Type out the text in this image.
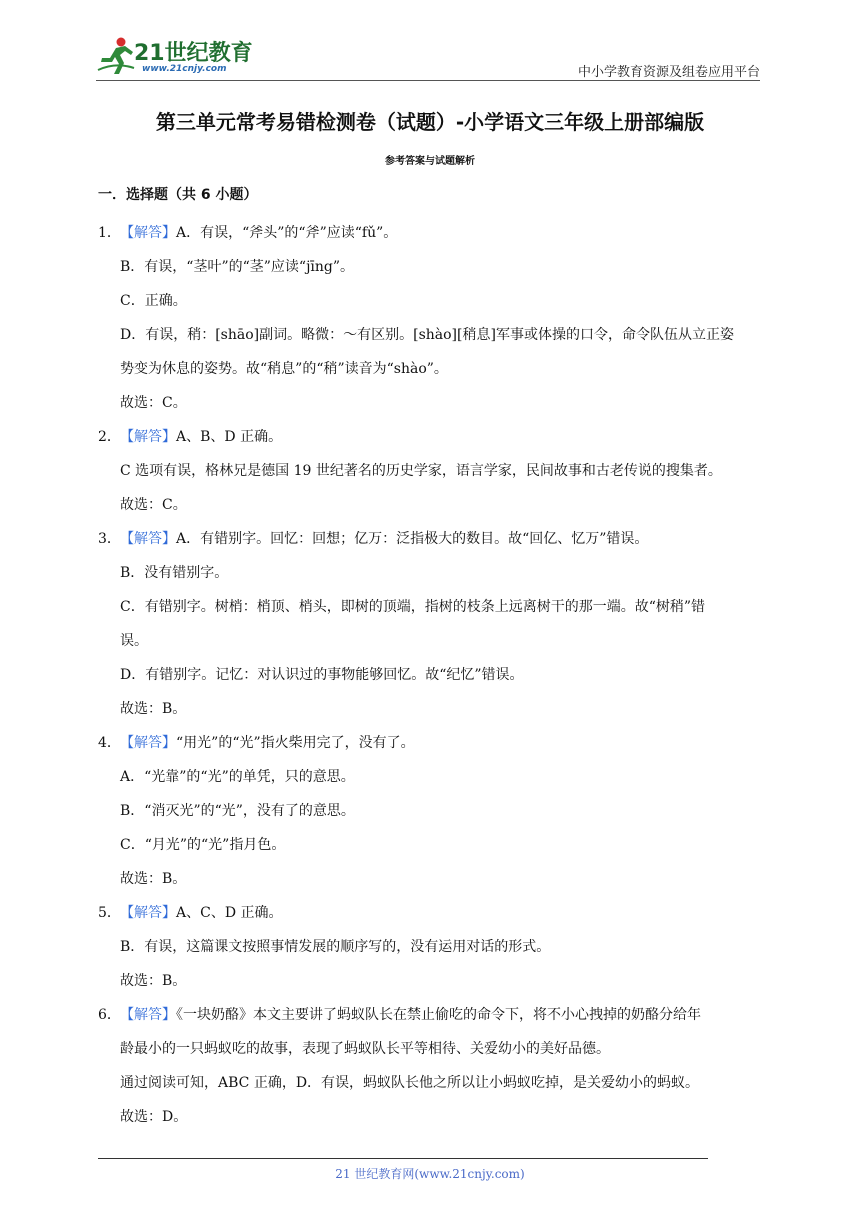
21世纪教育
www.21cnjy.com	中小学教育资源及组卷应用平台
第三单元常考易错检测卷（试题）-小学语文三年级上册部编版
参考答案与试题解析
一．选择题（共 6 小题）
1．【解答】A．有误，“斧头”的“斧”应读“fǔ”。
B．有误，“茎叶”的“茎”应读“jīng”。
C．正确。
D．有误，稍：[shāo]副词。略微：～有区别。[shào][稍息]军事或体操的口令，命令队伍从立正姿
势变为休息的姿势。故“稍息”的“稍”读音为“shào”。
故选：C。
2．【解答】A、B、D 正确。
C 选项有误，格林兄是德国 19 世纪著名的历史学家，语言学家，民间故事和古老传说的搜集者。
故选：C。
3．【解答】A．有错别字。回忆：回想；亿万：泛指极大的数目。故“回亿、忆万”错误。
B．没有错别字。
C．有错别字。树梢：梢顶、梢头，即树的顶端，指树的枝条上远离树干的那一端。故“树稍”错
误。
D．有错别字。记忆：对认识过的事物能够回忆。故“纪忆”错误。
故选：B。
4．【解答】“用光”的“光”指火柴用完了，没有了。
A．“光靠”的“光”的单凭，只的意思。
B．“消灭光”的“光”，没有了的意思。
C．“月光”的“光”指月色。
故选：B。
5．【解答】A、C、D 正确。
B．有误，这篇课文按照事情发展的顺序写的，没有运用对话的形式。
故选：B。
6．【解答】《一块奶酪》本文主要讲了蚂蚁队长在禁止偷吃的命令下，将不小心拽掉的奶酪分给年
龄最小的一只蚂蚁吃的故事，表现了蚂蚁队长平等相待、关爱幼小的美好品德。
通过阅读可知，ABC 正确，D．有误，蚂蚁队长他之所以让小蚂蚁吃掉，是关爱幼小的蚂蚁。
故选：D。
21 世纪教育网(www.21cnjy.com)
